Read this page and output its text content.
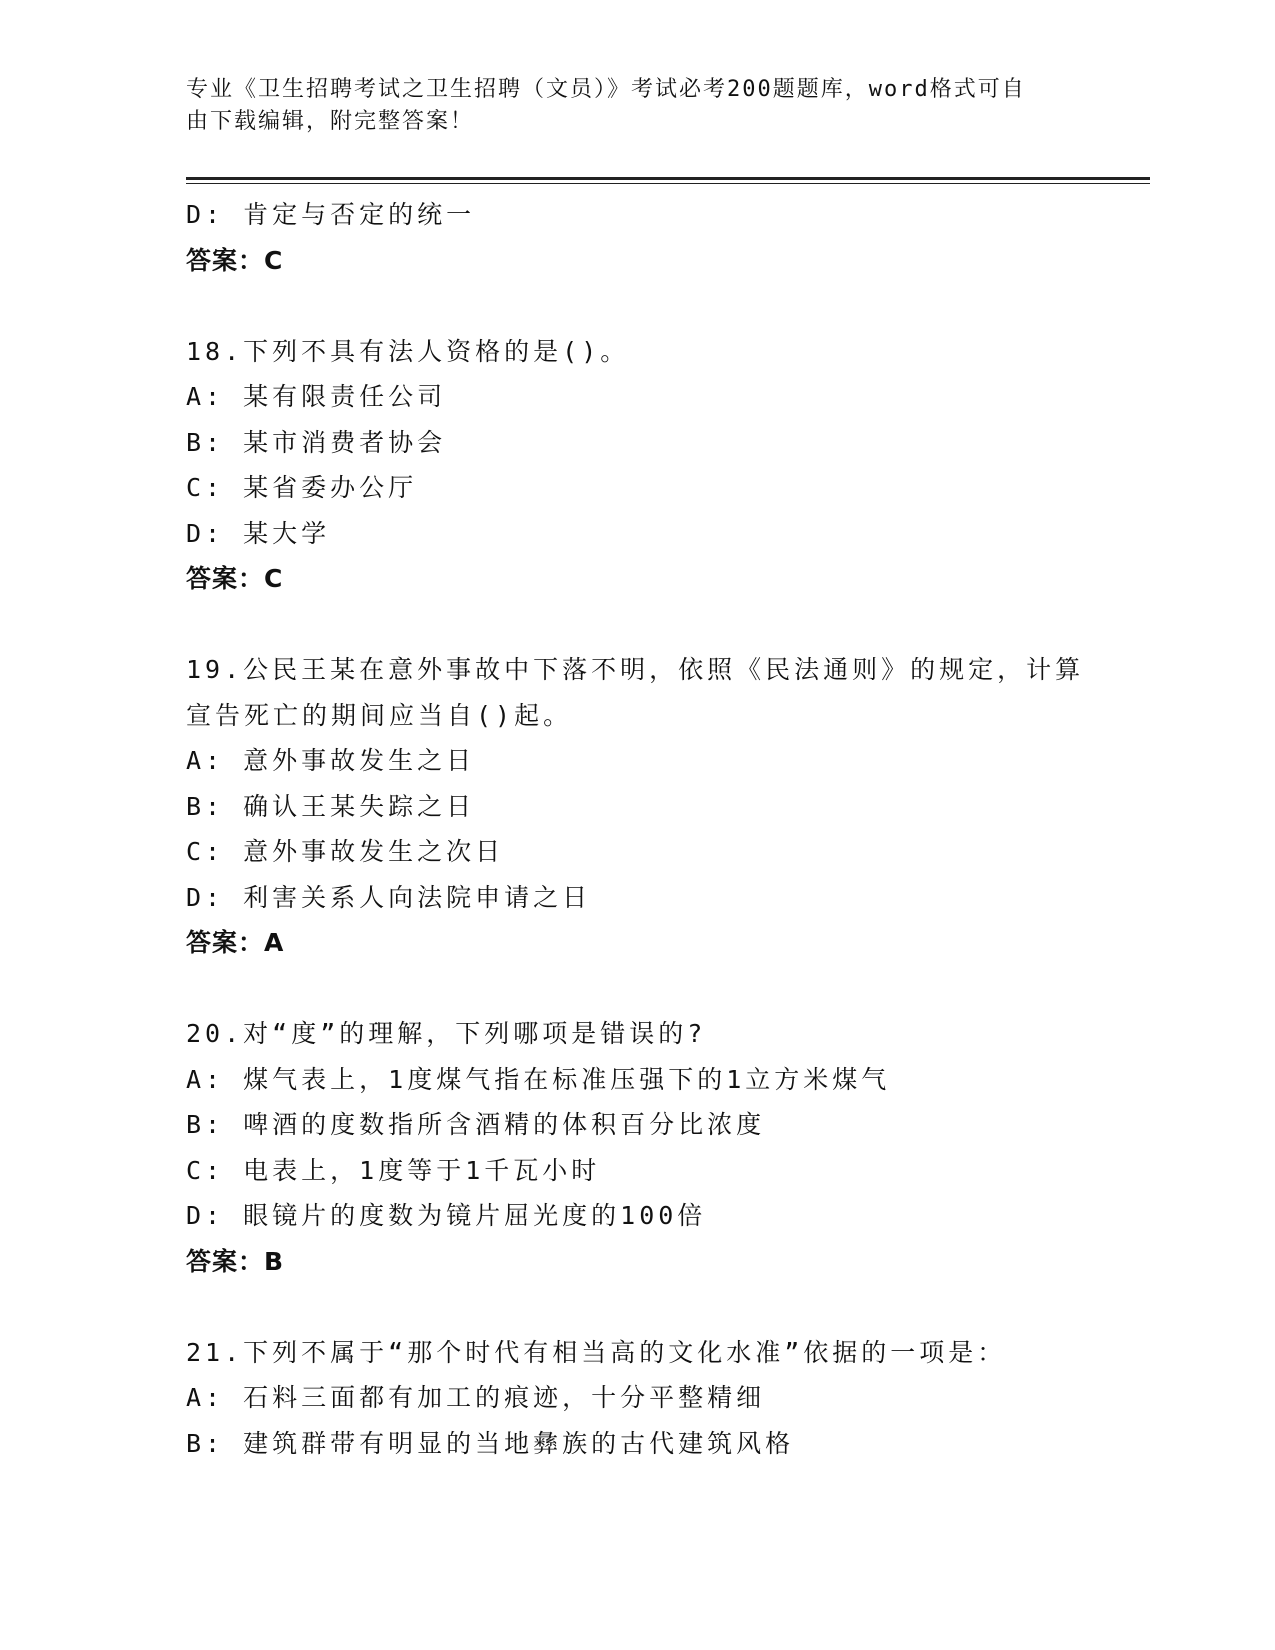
专业《卫生招聘考试之卫生招聘（文员）》考试必考200题题库，word格式可自
由下载编辑，附完整答案！
D: 肯定与否定的统一
答案：C
18.下列不具有法人资格的是()。
A: 某有限责任公司
B: 某市消费者协会
C: 某省委办公厅
D: 某大学
答案：C
19.公民王某在意外事故中下落不明，依照《民法通则》的规定，计算
宣告死亡的期间应当自()起。
A: 意外事故发生之日
B: 确认王某失踪之日
C: 意外事故发生之次日
D: 利害关系人向法院申请之日
答案：A
20.对“度”的理解，下列哪项是错误的?
A: 煤气表上，1度煤气指在标准压强下的1立方米煤气
B: 啤酒的度数指所含酒精的体积百分比浓度
C: 电表上，1度等于1千瓦小时
D: 眼镜片的度数为镜片屈光度的100倍
答案：B
21.下列不属于“那个时代有相当高的文化水准”依据的一项是：
A: 石料三面都有加工的痕迹，十分平整精细
B: 建筑群带有明显的当地彝族的古代建筑风格
